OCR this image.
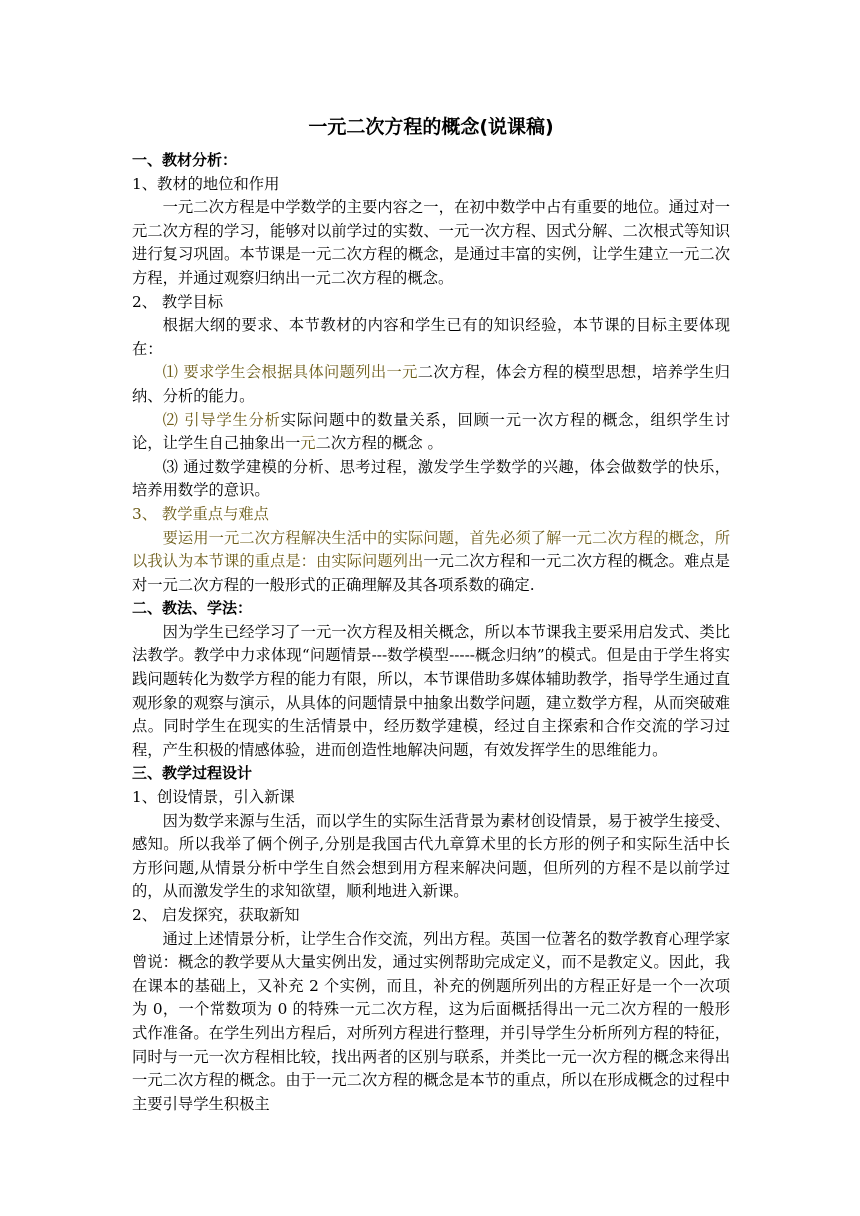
一元二次方程的概念(说课稿)
一、教材分析：
1、教材的地位和作用
一元二次方程是中学数学的主要内容之一，在初中数学中占有重要的地位。通过对一元二次方程的学习，能够对以前学过的实数、一元一次方程、因式分解、二次根式等知识进行复习巩固。本节课是一元二次方程的概念，是通过丰富的实例，让学生建立一元二次方程，并通过观察归纳出一元二次方程的概念。
2、 教学目标
根据大纲的要求、本节教材的内容和学生已有的知识经验，本节课的目标主要体现在：
⑴ 要求学生会根据具体问题列出一元二次方程，体会方程的模型思想，培养学生归纳、分析的能力。
⑵ 引导学生分析实际问题中的数量关系，回顾一元一次方程的概念，组织学生讨论，让学生自己抽象出一元二次方程的概念 。
⑶ 通过数学建模的分析、思考过程，激发学生学数学的兴趣，体会做数学的快乐，培养用数学的意识。
3、 教学重点与难点
要运用一元二次方程解决生活中的实际问题，首先必须了解一元二次方程的概念，所以我认为本节课的重点是：由实际问题列出一元二次方程和一元二次方程的概念。难点是对一元二次方程的一般形式的正确理解及其各项系数的确定.
二、教法、学法：
因为学生已经学习了一元一次方程及相关概念，所以本节课我主要采用启发式、类比法教学。教学中力求体现“问题情景---数学模型-----概念归纳”的模式。但是由于学生将实践问题转化为数学方程的能力有限，所以，本节课借助多媒体辅助教学，指导学生通过直观形象的观察与演示，从具体的问题情景中抽象出数学问题，建立数学方程，从而突破难点。同时学生在现实的生活情景中，经历数学建模，经过自主探索和合作交流的学习过程，产生积极的情感体验，进而创造性地解决问题，有效发挥学生的思维能力。
三、教学过程设计
1、创设情景，引入新课
因为数学来源与生活，而以学生的实际生活背景为素材创设情景，易于被学生接受、感知。所以我举了俩个例子,分别是我国古代九章算术里的长方形的例子和实际生活中长方形问题,从情景分析中学生自然会想到用方程来解决问题，但所列的方程不是以前学过的，从而激发学生的求知欲望，顺利地进入新课。
2、 启发探究，获取新知
通过上述情景分析，让学生合作交流，列出方程。英国一位著名的数学教育心理学家曾说：概念的教学要从大量实例出发，通过实例帮助完成定义，而不是教定义。因此，我在课本的基础上，又补充 2 个实例，而且，补充的例题所列出的方程正好是一个一次项为 0，一个常数项为 0 的特殊一元二次方程，这为后面概括得出一元二次方程的一般形式作准备。在学生列出方程后，对所列方程进行整理，并引导学生分析所列方程的特征，同时与一元一次方程相比较，找出两者的区别与联系，并类比一元一次方程的概念来得出一元二次方程的概念。由于一元二次方程的概念是本节的重点，所以在形成概念的过程中主要引导学生积极主
